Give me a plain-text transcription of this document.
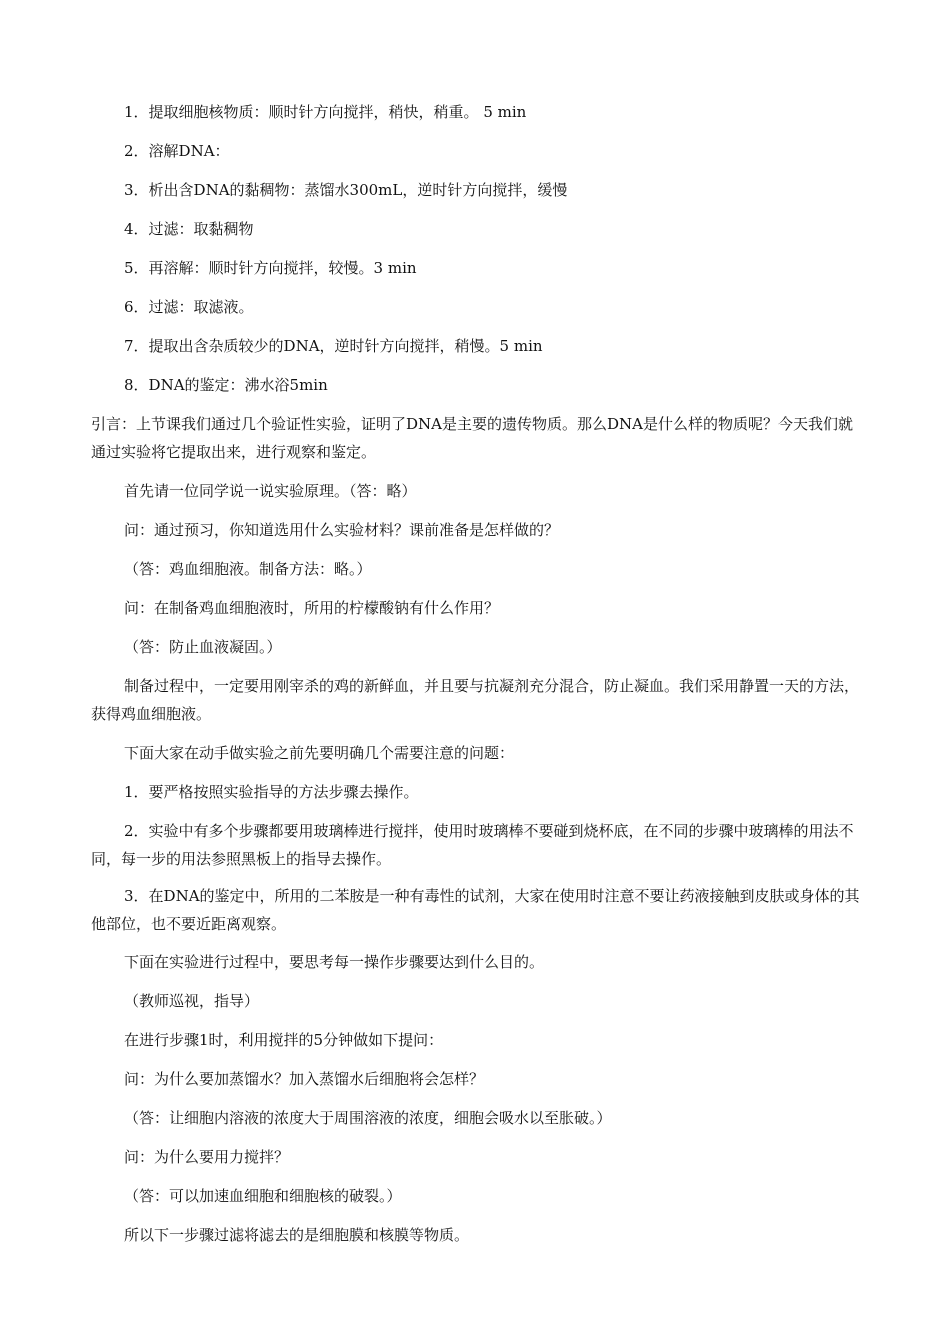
1．提取细胞核物质：顺时针方向搅拌，稍快，稍重。 5 min

2．溶解DNA：

3．析出含DNA的黏稠物：蒸馏水300mL，逆时针方向搅拌，缓慢

4．过滤：取黏稠物

5．再溶解：顺时针方向搅拌，较慢。3 min

6．过滤：取滤液。

7．提取出含杂质较少的DNA，逆时针方向搅拌，稍慢。5 min

8．DNA的鉴定：沸水浴5min

引言：上节课我们通过几个验证性实验，证明了DNA是主要的遗传物质。那么DNA是什么样的物质呢？今天我们就通过实验将它提取出来，进行观察和鉴定。

首先请一位同学说一说实验原理。（答：略）

问：通过预习，你知道选用什么实验材料？课前准备是怎样做的？

（答：鸡血细胞液。制备方法：略。）

问：在制备鸡血细胞液时，所用的柠檬酸钠有什么作用？

（答：防止血液凝固。）

制备过程中，一定要用刚宰杀的鸡的新鲜血，并且要与抗凝剂充分混合，防止凝血。我们采用静置一天的方法，获得鸡血细胞液。

下面大家在动手做实验之前先要明确几个需要注意的问题：

1．要严格按照实验指导的方法步骤去操作。

2．实验中有多个步骤都要用玻璃棒进行搅拌，使用时玻璃棒不要碰到烧杯底，在不同的步骤中玻璃棒的用法不同，每一步的用法参照黑板上的指导去操作。

3．在DNA的鉴定中，所用的二苯胺是一种有毒性的试剂，大家在使用时注意不要让药液接触到皮肤或身体的其他部位，也不要近距离观察。

下面在实验进行过程中，要思考每一操作步骤要达到什么目的。

（教师巡视，指导）

在进行步骤1时，利用搅拌的5分钟做如下提问：

问：为什么要加蒸馏水？加入蒸馏水后细胞将会怎样？

（答：让细胞内溶液的浓度大于周围溶液的浓度，细胞会吸水以至胀破。）

问：为什么要用力搅拌？

（答：可以加速血细胞和细胞核的破裂。）

所以下一步骤过滤将滤去的是细胞膜和核膜等物质。
